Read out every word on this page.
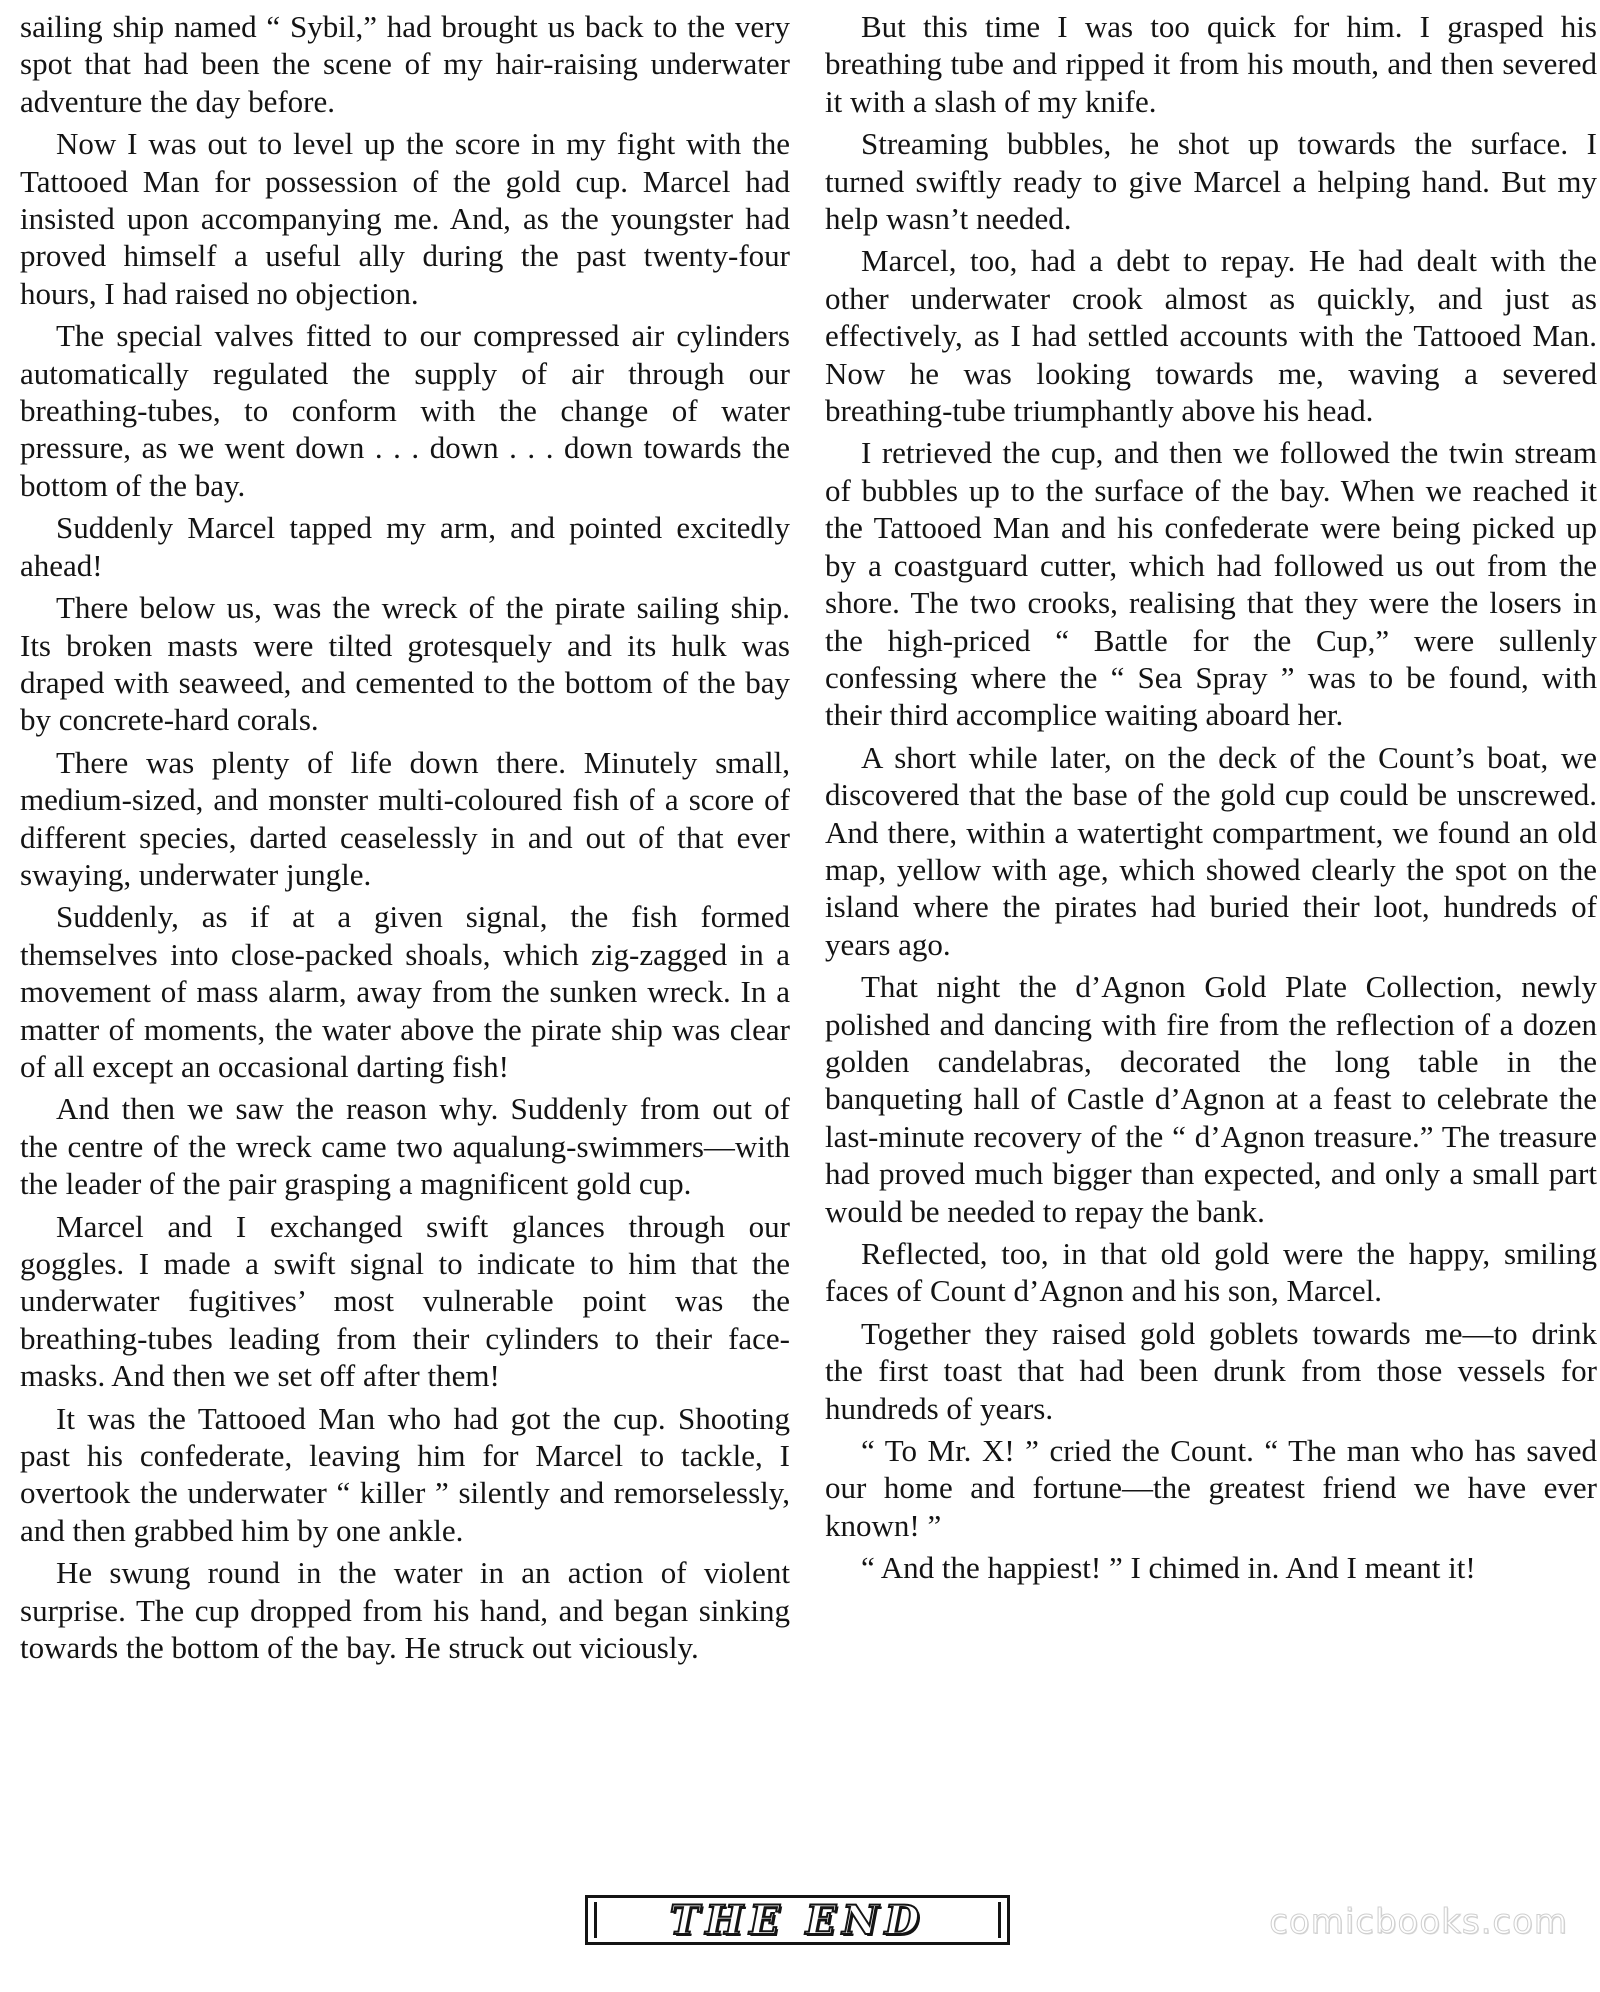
sailing ship named “ Sybil,” had brought us back to the very spot that had been the scene of my hair-raising underwater adventure the day before.

Now I was out to level up the score in my fight with the Tattooed Man for possession of the gold cup. Marcel had insisted upon accompanying me. And, as the youngster had proved himself a useful ally during the past twenty-four hours, I had raised no objection.

The special valves fitted to our compressed air cylinders automatically regulated the supply of air through our breathing-tubes, to conform with the change of water pressure, as we went down . . . down . . . down towards the bottom of the bay.

Suddenly Marcel tapped my arm, and pointed excitedly ahead!

There below us, was the wreck of the pirate sailing ship. Its broken masts were tilted grotesquely and its hulk was draped with seaweed, and cemented to the bottom of the bay by concrete-hard corals.

There was plenty of life down there. Minutely small, medium-sized, and monster multi-coloured fish of a score of different species, darted ceaselessly in and out of that ever swaying, underwater jungle.

Suddenly, as if at a given signal, the fish formed themselves into close-packed shoals, which zig-zagged in a movement of mass alarm, away from the sunken wreck. In a matter of moments, the water above the pirate ship was clear of all except an occasional darting fish!

And then we saw the reason why. Suddenly from out of the centre of the wreck came two aqualung-swimmers—with the leader of the pair grasping a magnificent gold cup.

Marcel and I exchanged swift glances through our goggles. I made a swift signal to indicate to him that the underwater fugitives’ most vulnerable point was the breathing-tubes leading from their cylinders to their face-masks. And then we set off after them!

It was the Tattooed Man who had got the cup. Shooting past his confederate, leaving him for Marcel to tackle, I overtook the underwater “ killer ” silently and remorselessly, and then grabbed him by one ankle.

He swung round in the water in an action of violent surprise. The cup dropped from his hand, and began sinking towards the bottom of the bay. He struck out viciously.

But this time I was too quick for him. I grasped his breathing tube and ripped it from his mouth, and then severed it with a slash of my knife.

Streaming bubbles, he shot up towards the surface. I turned swiftly ready to give Marcel a helping hand. But my help wasn’t needed.

Marcel, too, had a debt to repay. He had dealt with the other underwater crook almost as quickly, and just as effectively, as I had settled accounts with the Tattooed Man. Now he was looking towards me, waving a severed breathing-tube triumphantly above his head.

I retrieved the cup, and then we followed the twin stream of bubbles up to the surface of the bay. When we reached it the Tattooed Man and his confederate were being picked up by a coastguard cutter, which had followed us out from the shore. The two crooks, realising that they were the losers in the high-priced “ Battle for the Cup,” were sullenly confessing where the “ Sea Spray ” was to be found, with their third accomplice waiting aboard her.

A short while later, on the deck of the Count’s boat, we discovered that the base of the gold cup could be unscrewed. And there, within a watertight compartment, we found an old map, yellow with age, which showed clearly the spot on the island where the pirates had buried their loot, hundreds of years ago.

That night the d’Agnon Gold Plate Collection, newly polished and dancing with fire from the reflection of a dozen golden candelabras, decorated the long table in the banqueting hall of Castle d’Agnon at a feast to celebrate the last-minute recovery of the “ d’Agnon treasure.” The treasure had proved much bigger than expected, and only a small part would be needed to repay the bank.

Reflected, too, in that old gold were the happy, smiling faces of Count d’Agnon and his son, Marcel.

Together they raised gold goblets towards me—to drink the first toast that had been drunk from those vessels for hundreds of years.

“ To Mr. X! ” cried the Count. “ The man who has saved our home and fortune—the greatest friend we have ever known! ”

“ And the happiest! ” I chimed in. And I meant it!

THE END	comicbooks.com
